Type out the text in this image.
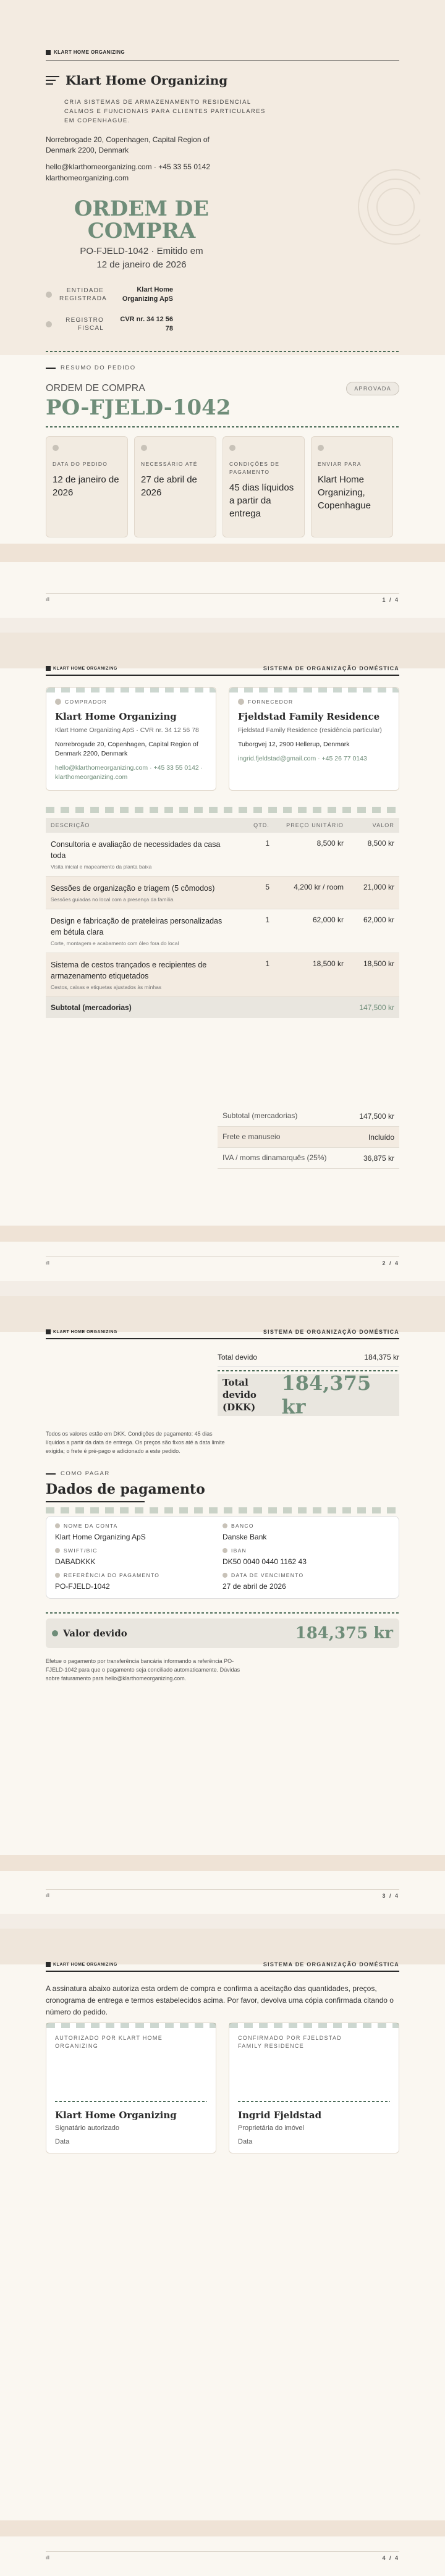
KLART HOME ORGANIZING
Klart Home Organizing
CRIA SISTEMAS DE ARMAZENAMENTO RESIDENCIAL CALMOS E FUNCIONAIS PARA CLIENTES PARTICULARES EM COPENHAGUE.
Norrebrogade 20, Copenhagen, Capital Region of Denmark 2200, Denmark
hello@klarthomeorganizing.com · +45 33 55 0142
klarthomeorganizing.com
ORDEM DE
COMPRA
PO-FJELD-1042 · Emitido em
12 de janeiro de 2026
ENTIDADE
REGISTRADA
Klart Home
Organizing ApS
REGISTRO
FISCAL
CVR nr. 34 12 56
78
RESUMO DO PEDIDO
ORDEM DE COMPRA
PO-FJELD-1042
APROVADA
DATA DO PEDIDO
12 de janeiro de 2026
NECESSÁRIO ATÉ
27 de abril de 2026
CONDIÇÕES DE PAGAMENTO
45 dias líquidos a partir da entrega
ENVIAR PARA
Klart Home Organizing, Copenhague
ıll	1 / 4
KLART HOME ORGANIZING	SISTEMA DE ORGANIZAÇÃO DOMÉSTICA
COMPRADOR
Klart Home Organizing
Klart Home Organizing ApS · CVR nr. 34 12 56 78
Norrebrogade 20, Copenhagen, Capital Region of Denmark 2200, Denmark
hello@klarthomeorganizing.com · +45 33 55 0142 · klarthomeorganizing.com
FORNECEDOR
Fjeldstad Family Residence
Fjeldstad Family Residence (residência particular)
Tuborgvej 12, 2900 Hellerup, Denmark
ingrid.fjeldstad@gmail.com · +45 26 77 0143
DESCRIÇÃO	QTD.	PREÇO UNITÁRIO	VALOR

Consultoria e avaliação de necessidades da casa toda
Visita inicial e mapeamento da planta baixa	1	8,500 kr	8,500 kr

Sessões de organização e triagem (5 cômodos)
Sessões guiadas no local com a presença da família	5	4,200 kr / room	21,000 kr

Design e fabricação de prateleiras personalizadas em bétula clara
Corte, montagem e acabamento com óleo fora do local	1	62,000 kr	62,000 kr

Sistema de cestos trançados e recipientes de armazenamento etiquetados
Cestos, caixas e etiquetas ajustados às minhas	1	18,500 kr	18,500 kr
Subtotal (mercadorias)			147,500 kr
Subtotal (mercadorias)	147,500 kr
Frete e manuseio	Incluído
IVA / moms dinamarquês (25%)	36,875 kr
ıll	2 / 4
KLART HOME ORGANIZING	SISTEMA DE ORGANIZAÇÃO DOMÉSTICA
Total devido	184,375 kr
Total devido
(DKK)
184,375 kr
Todos os valores estão em DKK. Condições de pagamento: 45 dias líquidos a partir da data de entrega. Os preços são fixos até a data limite exigida; o frete é pré-pago e adicionado a este pedido.
COMO PAGAR
Dados de pagamento
NOME DA CONTA
Klart Home Organizing ApS
BANCO
Danske Bank
SWIFT/BIC
DABADKKK
IBAN
DK50 0040 0440 1162 43
REFERÊNCIA DO PAGAMENTO
PO-FJELD-1042
DATA DE VENCIMENTO
27 de abril de 2026
Valor devido	184,375 kr
Efetue o pagamento por transferência bancária informando a referência PO-FJELD-1042 para que o pagamento seja conciliado automaticamente. Dúvidas sobre faturamento para hello@klarthomeorganizing.com.
ıll	3 / 4
KLART HOME ORGANIZING	SISTEMA DE ORGANIZAÇÃO DOMÉSTICA
A assinatura abaixo autoriza esta ordem de compra e confirma a aceitação das quantidades, preços, cronograma de entrega e termos estabelecidos acima. Por favor, devolva uma cópia confirmada citando o número do pedido.
AUTORIZADO POR KLART HOME ORGANIZING
Klart Home Organizing
Signatário autorizado
Data
CONFIRMADO POR FJELDSTAD FAMILY RESIDENCE
Ingrid Fjeldstad
Proprietária do imóvel
Data
ıll	4 / 4
